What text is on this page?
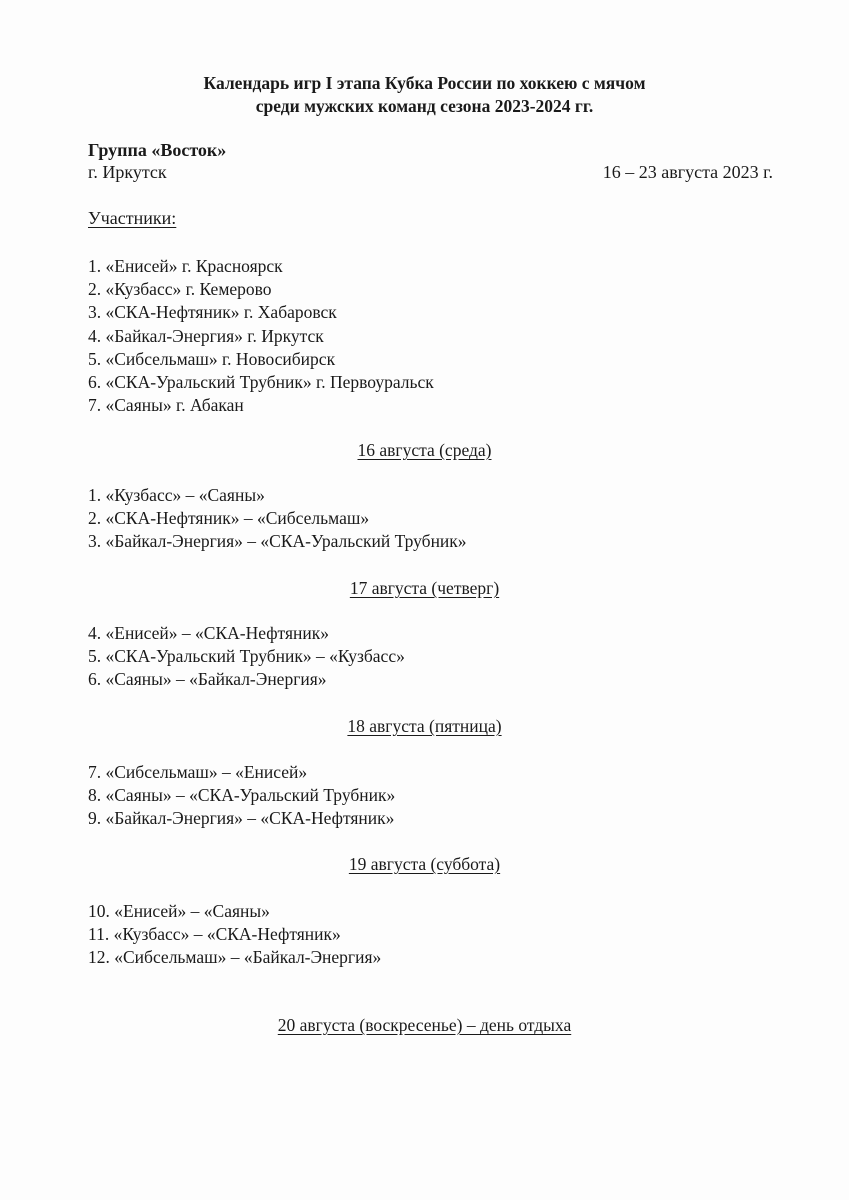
Календарь игр I этапа Кубка России по хоккею с мячом
среди мужских команд сезона 2023-2024 гг.
Группа «Восток»
г. Иркутск	16 – 23 августа 2023 г.
Участники:
1. «Енисей» г. Красноярск
2. «Кузбасс» г. Кемерово
3. «СКА-Нефтяник» г. Хабаровск
4. «Байкал-Энергия» г. Иркутск
5. «Сибсельмаш» г. Новосибирск
6. «СКА-Уральский Трубник» г. Первоуральск
7. «Саяны» г. Абакан
16 августа (среда)
1. «Кузбасс» – «Саяны»
2. «СКА-Нефтяник» – «Сибсельмаш»
3. «Байкал-Энергия» – «СКА-Уральский Трубник»
17 августа (четверг)
4. «Енисей» – «СКА-Нефтяник»
5. «СКА-Уральский Трубник» – «Кузбасс»
6. «Саяны» – «Байкал-Энергия»
18 августа (пятница)
7. «Сибсельмаш» – «Енисей»
8. «Саяны» – «СКА-Уральский Трубник»
9. «Байкал-Энергия» – «СКА-Нефтяник»
19 августа (суббота)
10. «Енисей» – «Саяны»
11. «Кузбасс» – «СКА-Нефтяник»
12. «Сибсельмаш» – «Байкал-Энергия»
20 августа (воскресенье) – день отдыха
